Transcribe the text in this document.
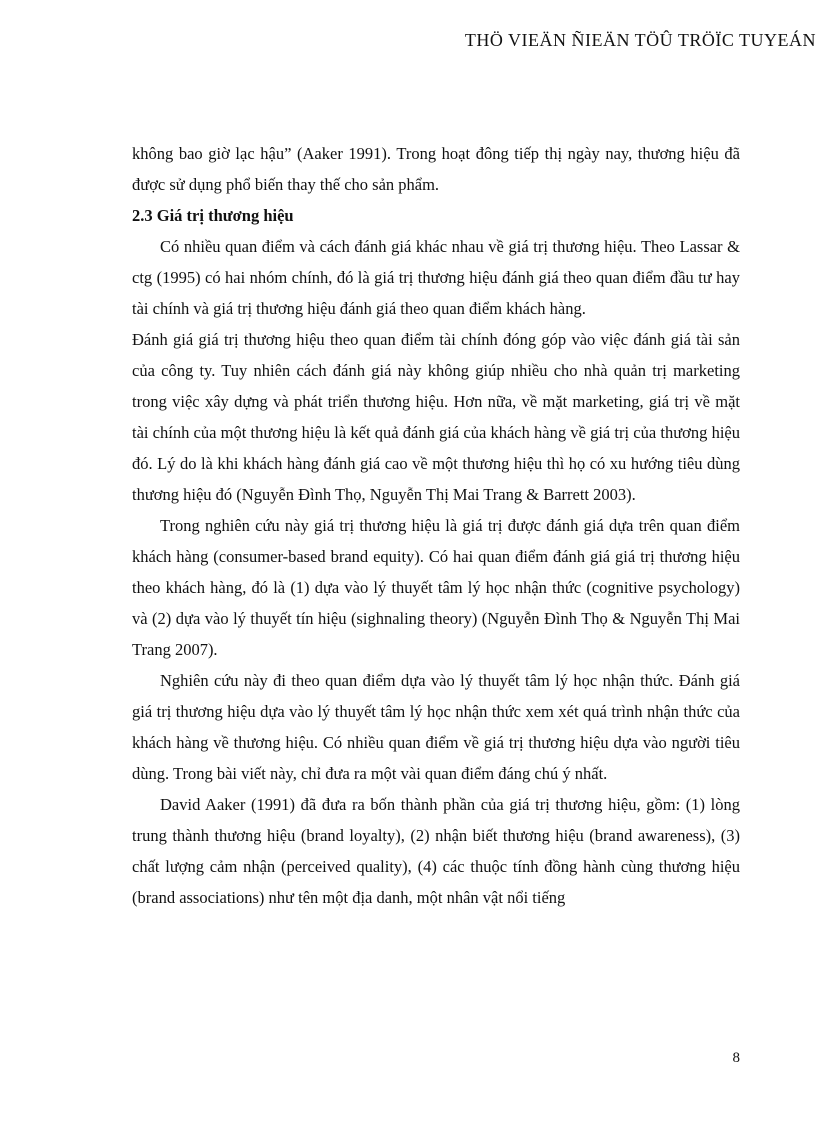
THÖ VIEÄN ÑIEÄN TÖÛ TRÖÏC TUYEÁN

không bao giờ lạc hậu” (Aaker 1991). Trong hoạt đông tiếp thị ngày nay, thương hiệu đã được sử dụng phổ biến thay thế cho sản phẩm.

2.3 Giá trị thương hiệu

Có nhiều quan điểm và cách đánh giá khác nhau về giá trị thương hiệu. Theo Lassar & ctg (1995) có hai nhóm chính, đó là giá trị thương hiệu đánh giá theo quan điểm đầu tư hay tài chính và giá trị thương hiệu đánh giá theo quan điểm khách hàng.

Đánh giá giá trị thương hiệu theo quan điểm tài chính đóng góp vào việc đánh giá tài sản của công ty. Tuy nhiên cách đánh giá này không giúp nhiều cho nhà quản trị marketing trong việc xây dựng và phát triển thương hiệu. Hơn nữa, về mặt marketing, giá trị về mặt tài chính của một thương hiệu là kết quả đánh giá của khách hàng về giá trị của thương hiệu đó. Lý do là khi khách hàng đánh giá cao về một thương hiệu thì họ có xu hướng tiêu dùng thương hiệu đó (Nguyễn Đình Thọ, Nguyễn Thị Mai Trang & Barrett 2003).

Trong nghiên cứu này giá trị thương hiệu là giá trị được đánh giá dựa trên quan điểm khách hàng (consumer-based brand equity). Có hai quan điểm đánh giá giá trị thương hiệu theo khách hàng, đó là (1) dựa vào lý thuyết tâm lý học nhận thức (cognitive psychology) và (2) dựa vào lý thuyết tín hiệu (sighnaling theory) (Nguyễn Đình Thọ & Nguyễn Thị Mai Trang 2007).

Nghiên cứu này đi theo quan điểm dựa vào lý thuyết tâm lý học nhận thức. Đánh giá giá trị thương hiệu dựa vào lý thuyết tâm lý học nhận thức xem xét quá trình nhận thức của khách hàng về thương hiệu. Có nhiều quan điểm về giá trị thương hiệu dựa vào người tiêu dùng. Trong bài viết này, chỉ đưa ra một vài quan điểm đáng chú ý nhất.

David Aaker (1991) đã đưa ra bốn thành phần của giá trị thương hiệu, gồm: (1) lòng trung thành thương hiệu (brand loyalty), (2) nhận biết thương hiệu (brand awareness), (3) chất lượng cảm nhận (perceived quality), (4) các thuộc tính đồng hành cùng thương hiệu (brand associations) như tên một địa danh, một nhân vật nổi tiếng

8
